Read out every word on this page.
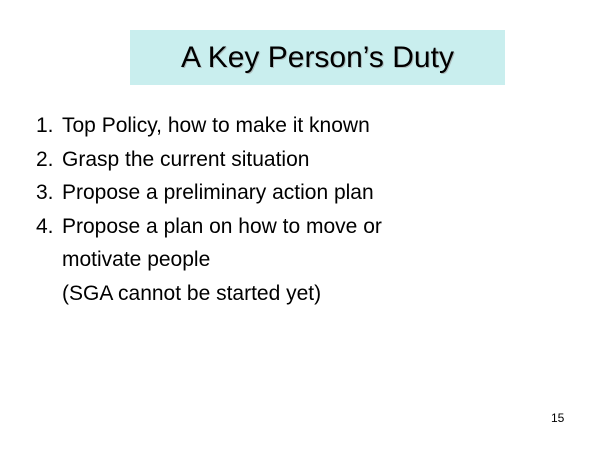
A Key Person’s Duty
1. Top Policy, how to make it known
2. Grasp the current situation
3. Propose a preliminary action plan
4. Propose a plan on how to move or
motivate people
(SGA cannot be started yet)
15
